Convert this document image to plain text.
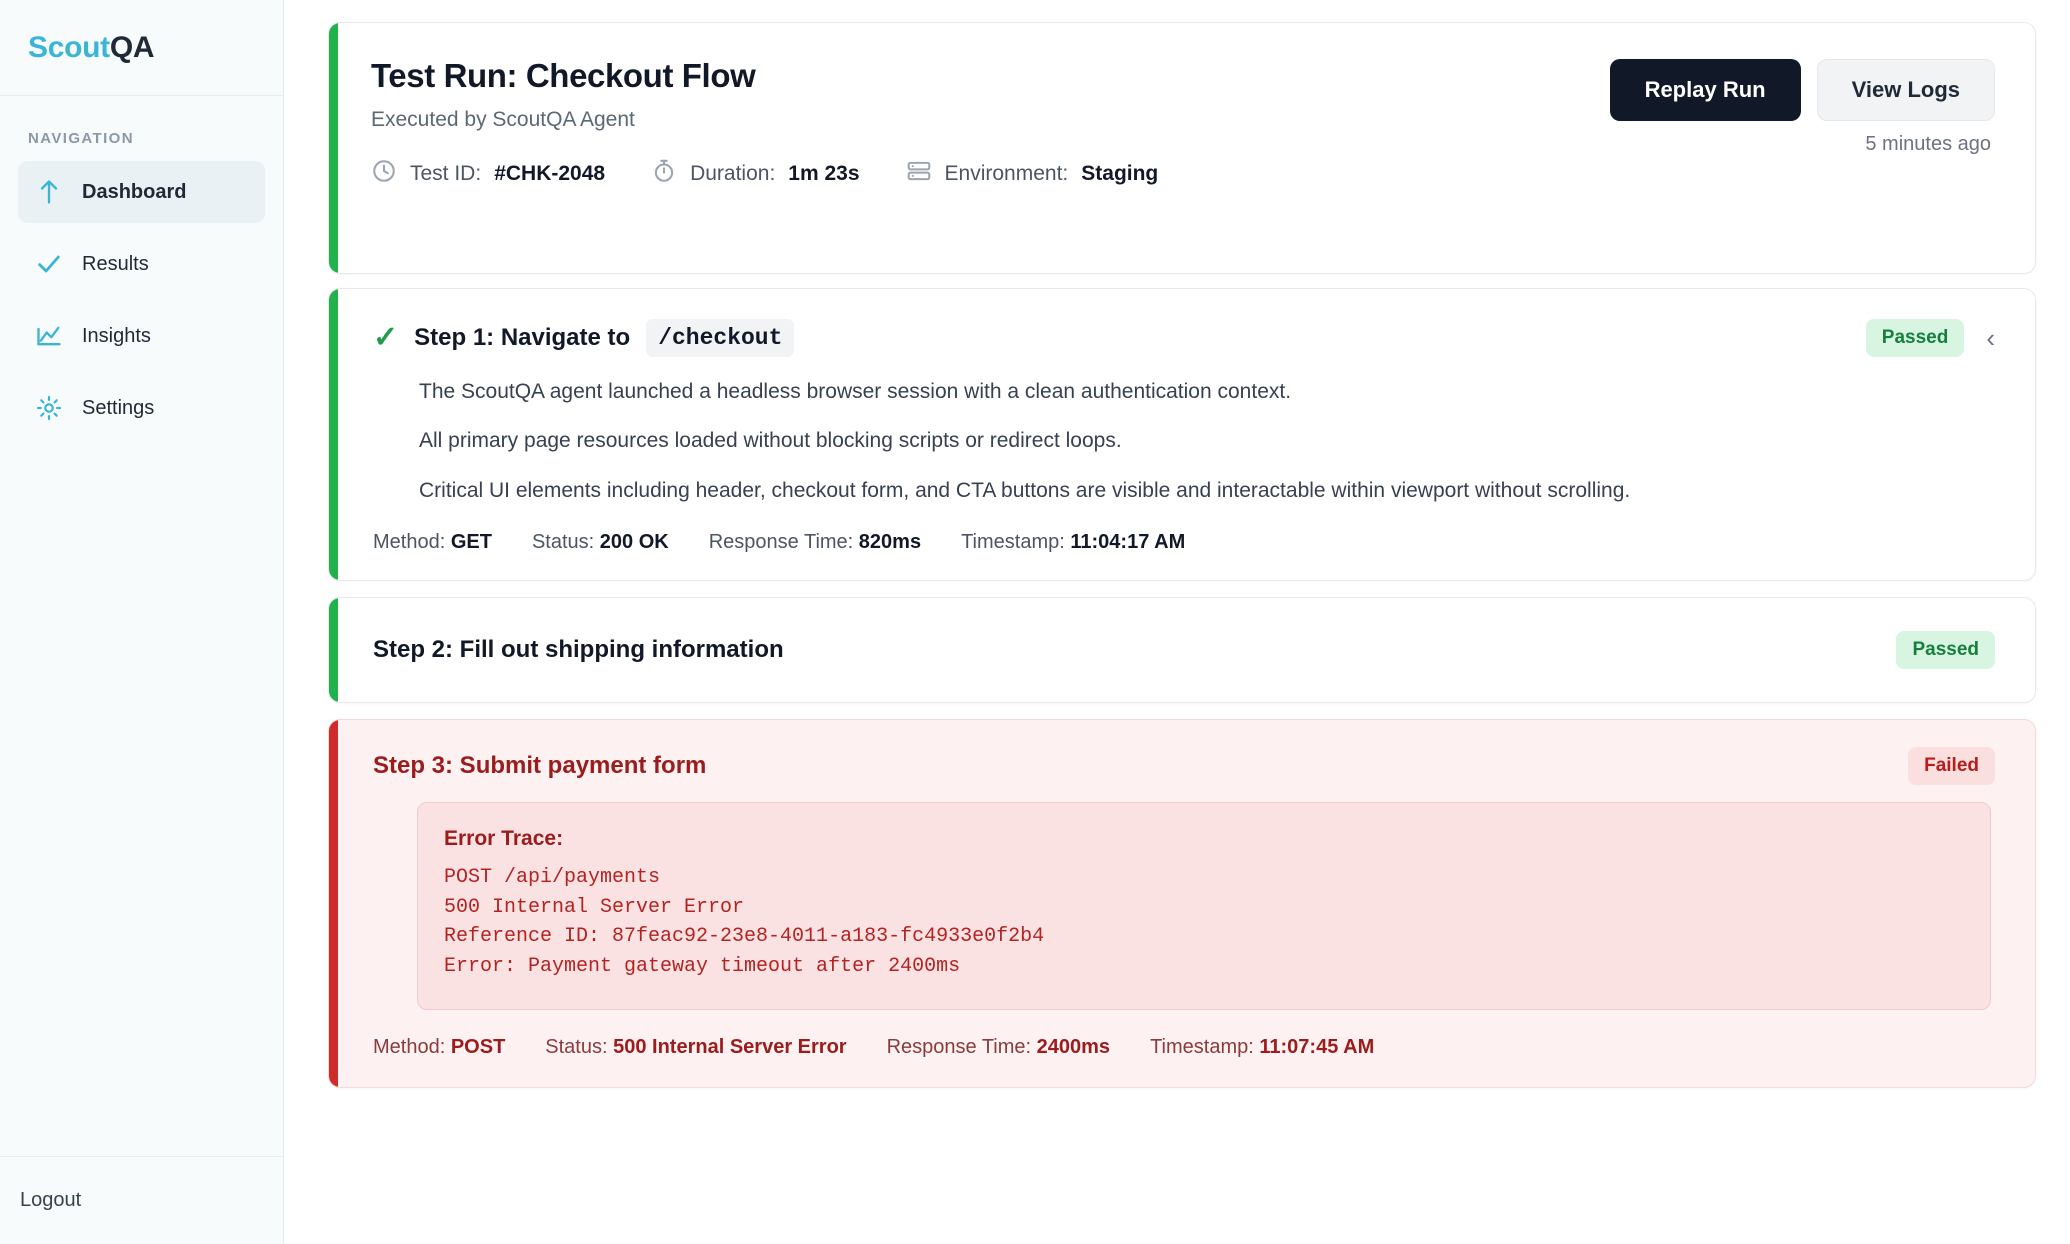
Scout QA
NAVIGATION
Dashboard
Results
Insights
Settings
Logout
Test Run: Checkout Flow
Executed by ScoutQA Agent
Test ID: #CHK-2048	Duration: 1m 23s	Environment: Staging
Replay Run	View Logs
5 minutes ago
✓ Step 1: Navigate to	/checkout	Passed	‹

The ScoutQA agent launched a headless browser session with a clean authentication context.

All primary page resources loaded without blocking scripts or redirect loops.

Critical UI elements including header, checkout form, and CTA buttons are visible and interactable within viewport without scrolling.

Method: GET Status: 200 OK Response Time: 820ms Timestamp: 11:04:17 AM
Step 2: Fill out shipping information	Passed
Step 3: Submit payment form	Failed
Error Trace:
POST /api/payments
500 Internal Server Error
Reference ID: 87feac92-23e8-4011-a183-fc4933e0f2b4
Error: Payment gateway timeout after 2400ms
Method: POST Status: 500 Internal Server Error Response Time: 2400ms Timestamp: 11:07:45 AM
